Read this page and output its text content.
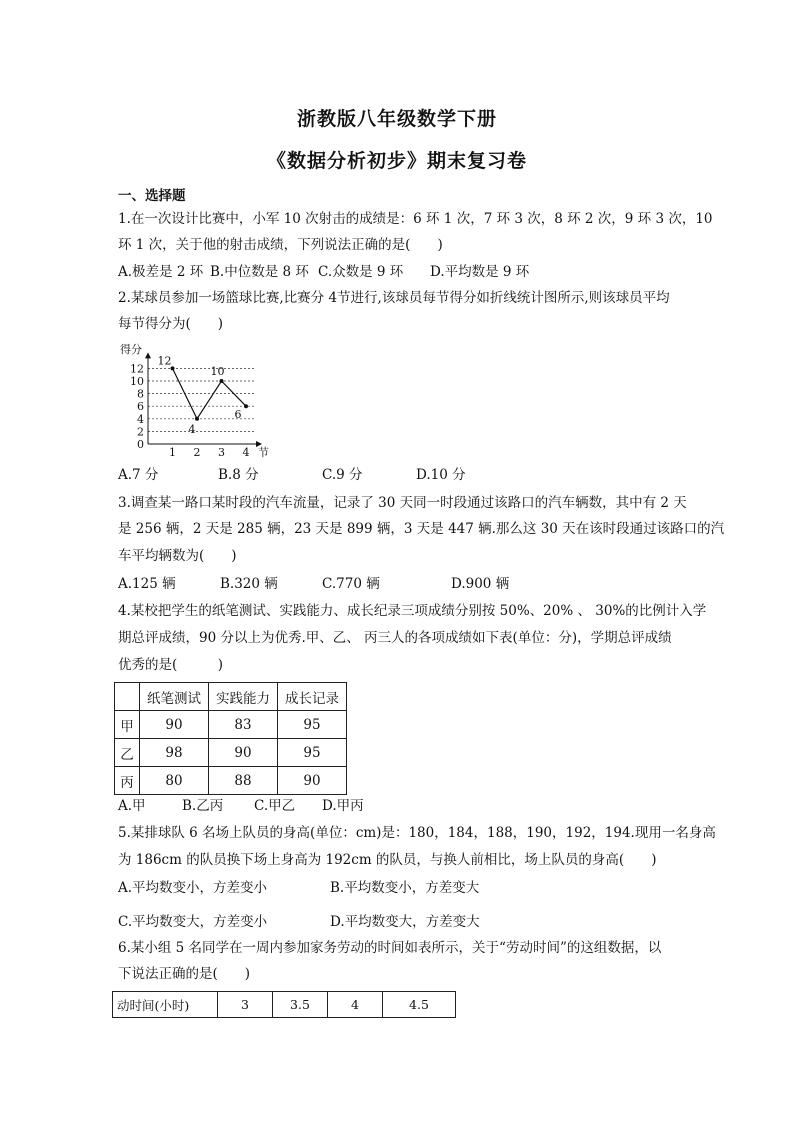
浙教版八年级数学下册
《数据分析初步》期末复习卷
一、选择题
1.在一次设计比赛中，小军 10 次射击的成绩是：6 环 1 次，7 环 3 次，8 环 2 次，9 环 3 次，10
环 1 次，关于他的射击成绩，下列说法正确的是(　　)
A.极差是 2 环 B.中位数是 8 环 C.众数是 9 环 D.平均数是 9 环
2.某球员参加一场篮球比赛,比赛分 4节进行,该球员每节得分如折线统计图所示,则该球员平均
每节得分为(　　)
0
2
4
6
8
10
12
1 2 3 4
得分
节
12
4
10
6
A.7 分	B.8 分	C.9 分	D.10 分
3.调查某一路口某时段的汽车流量，记录了 30 天同一时段通过该路口的汽车辆数，其中有 2 天
是 256 辆，2 天是 285 辆，23 天是 899 辆，3 天是 447 辆.那么这 30 天在该时段通过该路口的汽
车平均辆数为(　　)
A.125 辆	B.320 辆	C.770 辆	D.900 辆
4.某校把学生的纸笔测试、实践能力、成长纪录三项成绩分别按 50%、20% 、 30%的比例计入学
期总评成绩，90 分以上为优秀.甲、乙、 丙三人的各项成绩如下表(单位：分)，学期总评成绩
优秀的是(　　　)
	纸笔测试	实践能力	成长记录
甲	90	83	95
乙	98	90	95
丙	80	88	90
A.甲	B.乙丙 C.甲乙 D.甲丙
5.某排球队 6 名场上队员的身高(单位：cm)是：180，184，188，190，192，194.现用一名身高
为 186cm 的队员换下场上身高为 192cm 的队员，与换人前相比，场上队员的身高(　　)
A.平均数变小，方差变小	B.平均数变小，方差变大
C.平均数变大，方差变小	D.平均数变大，方差变大
6.某小组 5 名同学在一周内参加家务劳动的时间如表所示，关于“劳动时间”的这组数据，以
下说法正确的是(　　)
动时间(小时)	3	3.5	4	4.5
